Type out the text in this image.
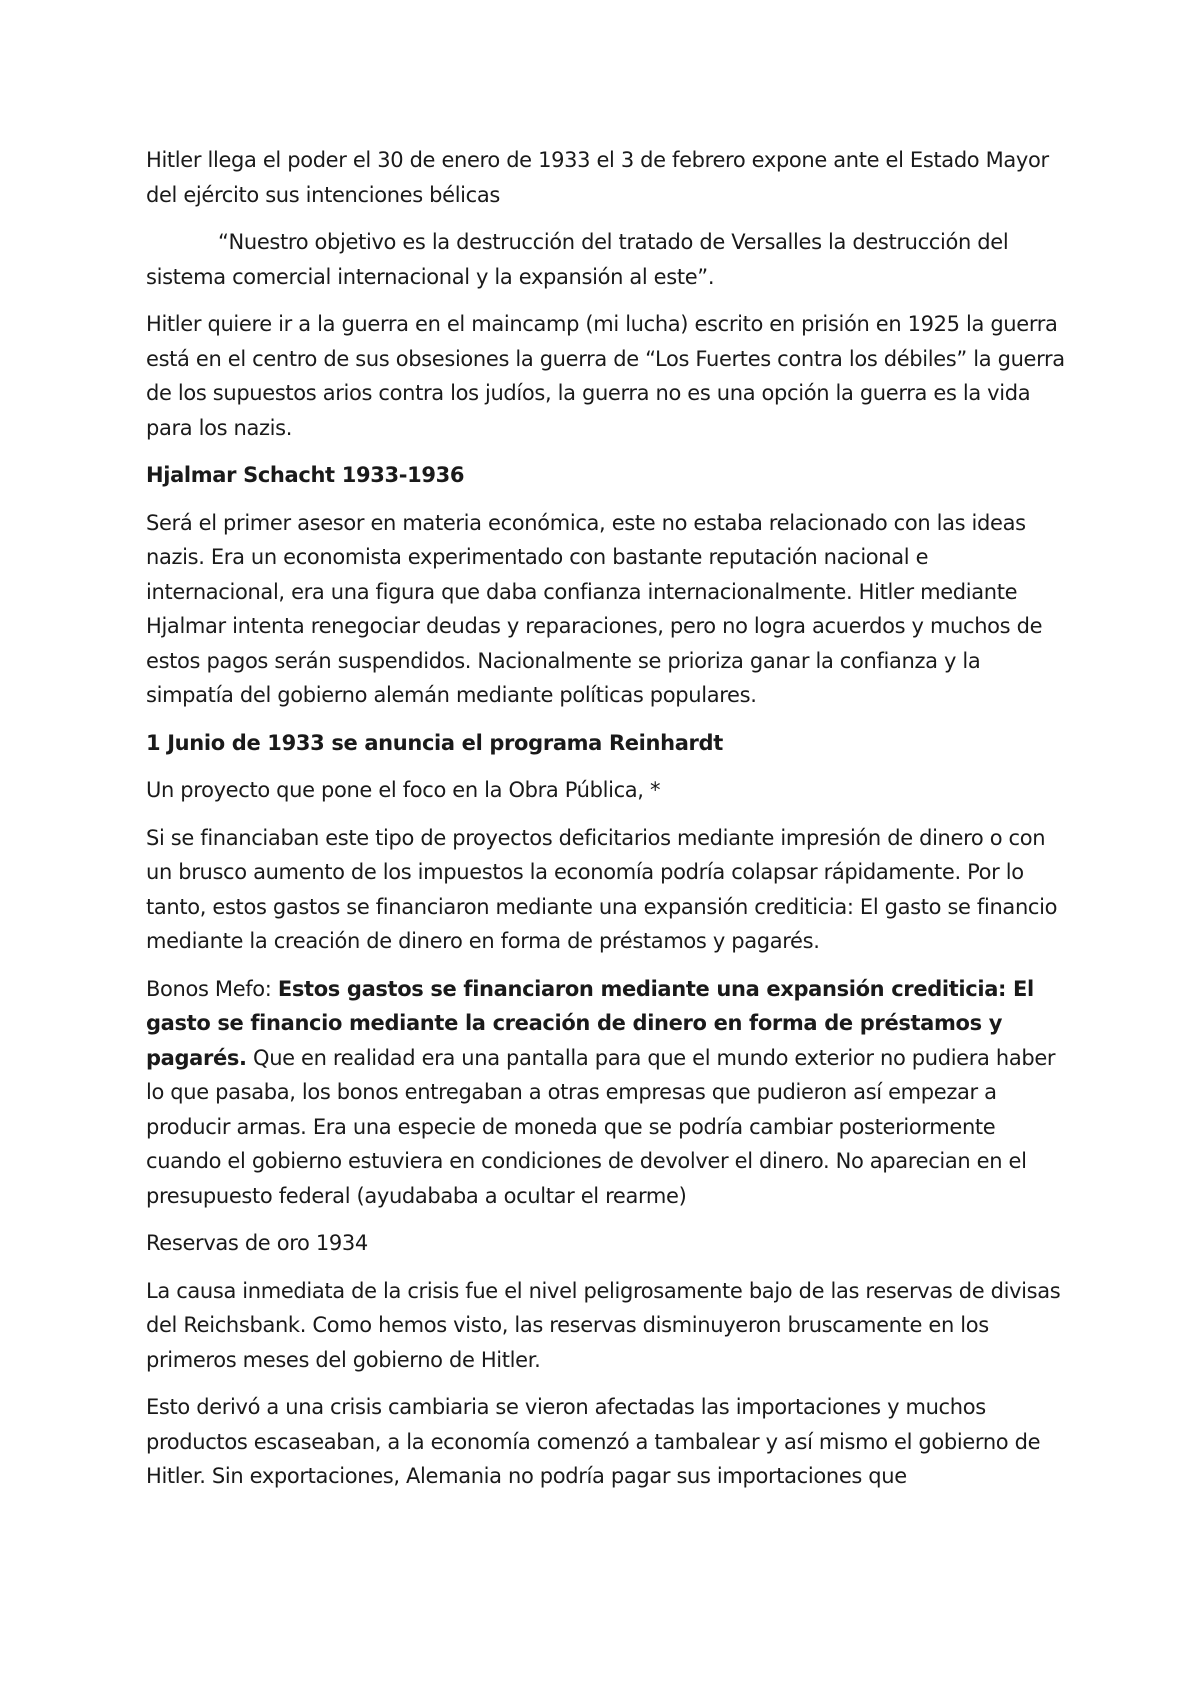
Hitler llega el poder el 30 de enero de 1933 el 3 de febrero expone ante el Estado Mayor del ejército sus intenciones bélicas

“Nuestro objetivo es la destrucción del tratado de Versalles la destrucción del sistema comercial internacional y la expansión al este”.

Hitler quiere ir a la guerra en el maincamp (mi lucha) escrito en prisión en 1925 la guerra está en el centro de sus obsesiones la guerra de “Los Fuertes contra los débiles” la guerra de los supuestos arios contra los judíos, la guerra no es una opción la guerra es la vida para los nazis.

Hjalmar Schacht 1933-1936

Será el primer asesor en materia económica, este no estaba relacionado con las ideas nazis. Era un economista experimentado con bastante reputación nacional e internacional, era una figura que daba confianza internacionalmente. Hitler mediante Hjalmar intenta renegociar deudas y reparaciones, pero no logra acuerdos y muchos de estos pagos serán suspendidos. Nacionalmente se prioriza ganar la confianza y la simpatía del gobierno alemán mediante políticas populares.

1 Junio de 1933 se anuncia el programa Reinhardt

Un proyecto que pone el foco en la Obra Pública, *

Si se financiaban este tipo de proyectos deficitarios mediante impresión de dinero o con un brusco aumento de los impuestos la economía podría colapsar rápidamente. Por lo tanto, estos gastos se financiaron mediante una expansión crediticia: El gasto se financio mediante la creación de dinero en forma de préstamos y pagarés.

Bonos Mefo: Estos gastos se financiaron mediante una expansión crediticia: El gasto se financio mediante la creación de dinero en forma de préstamos y pagarés. Que en realidad era una pantalla para que el mundo exterior no pudiera haber lo que pasaba, los bonos entregaban a otras empresas que pudieron así empezar a producir armas. Era una especie de moneda que se podría cambiar posteriormente cuando el gobierno estuviera en condiciones de devolver el dinero. No aparecian en el presupuesto federal (ayudababa a ocultar el rearme)

Reservas de oro 1934

La causa inmediata de la crisis fue el nivel peligrosamente bajo de las reservas de divisas del Reichsbank. Como hemos visto, las reservas disminuyeron bruscamente en los primeros meses del gobierno de Hitler.

Esto derivó a una crisis cambiaria se vieron afectadas las importaciones y muchos productos escaseaban, a la economía comenzó a tambalear y así mismo el gobierno de Hitler. Sin exportaciones, Alemania no podría pagar sus importaciones que
